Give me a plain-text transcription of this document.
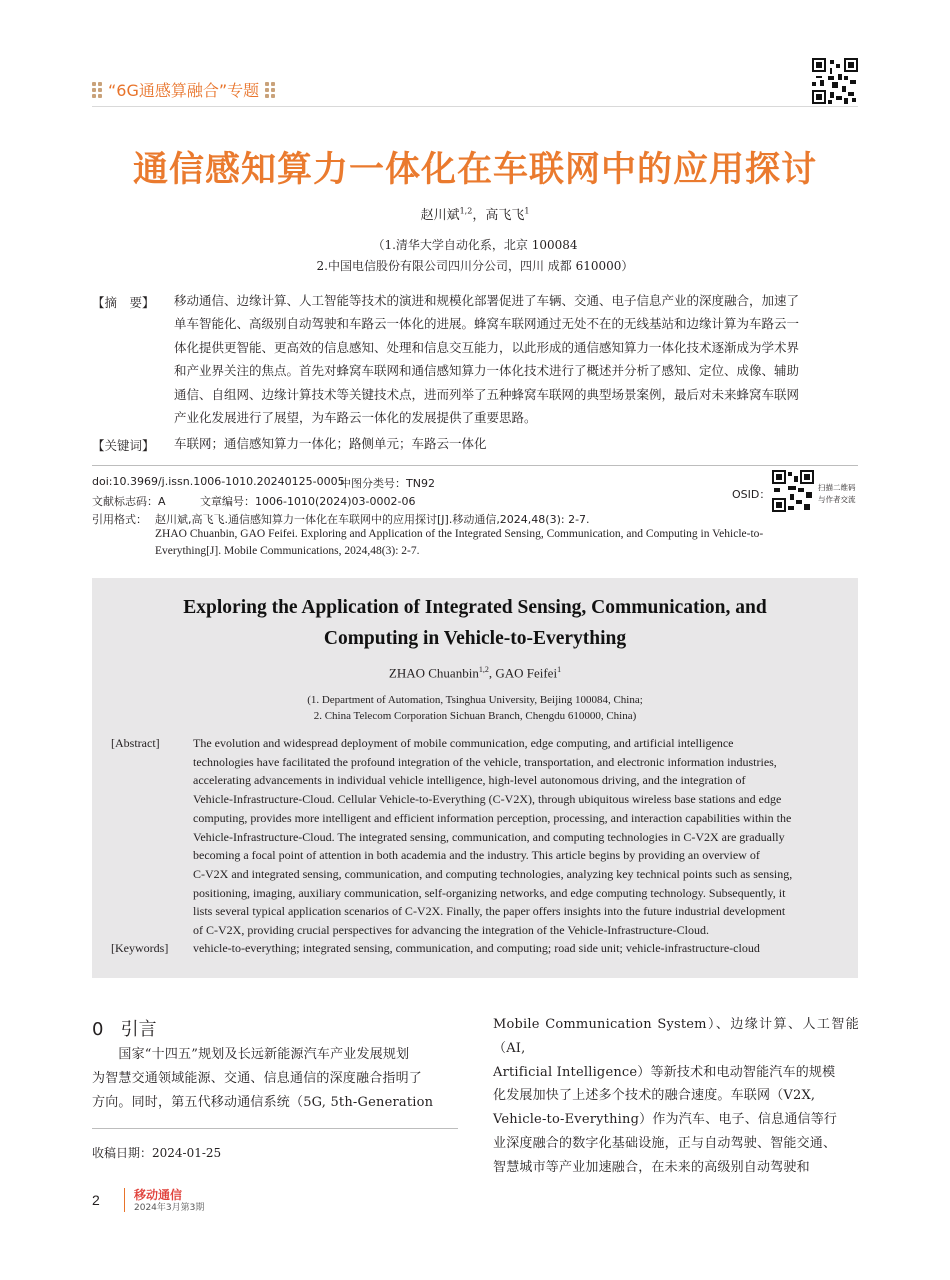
“6G通感算融合”专题
通信感知算力一体化在车联网中的应用探讨
赵川斌$^{1,2}$，高飞飞$^1$
（1.清华大学自动化系，北京 100084
2.中国电信股份有限公司四川分公司，四川 成都 610000）
【摘　要】 移动通信、边缘计算、人工智能等技术的演进和规模化部署促进了车辆、交通、电子信息产业的深度融合，加速了
单车智能化、高级别自动驾驶和车路云一体化的进展。蜂窝车联网通过无处不在的无线基站和边缘计算为车路云一
体化提供更智能、更高效的信息感知、处理和信息交互能力，以此形成的通信感知算力一体化技术逐渐成为学术界
和产业界关注的焦点。首先对蜂窝车联网和通信感知算力一体化技术进行了概述并分析了感知、定位、成像、辅助
通信、自组网、边缘计算技术等关键技术点，进而列举了五种蜂窝车联网的典型场景案例，最后对未来蜂窝车联网
产业化发展进行了展望，为车路云一体化的发展提供了重要思路。
【关键词】 车联网；通信感知算力一体化；路侧单元；车路云一体化
doi:10.3969/j.issn.1006-1010.20240125-0005
中图分类号：TN92
文献标志码：A	文章编号：1006-1010(2024)03-0002-06
OSID：
扫描二维码
与作者交流
引用格式： 赵川斌,高飞飞.通信感知算力一体化在车联网中的应用探讨[J].移动通信,2024,48(3): 2-7.
ZHAO Chuanbin, GAO Feifei. Exploring and Application of the Integrated Sensing, Communication, and Computing in Vehicle-to-
Everything[J]. Mobile Communications, 2024,48(3): 2-7.
Exploring the Application of Integrated Sensing, Communication, and
Computing in Vehicle-to-Everything
ZHAO Chuanbin$^{1,2}$, GAO Feifei$^1$
(1. Department of Automation, Tsinghua University, Beijing 100084, China;
2. China Telecom Corporation Sichuan Branch, Chengdu 610000, China)
[Abstract]	The evolution and widespread deployment of mobile communication, edge computing, and artificial intelligence
technologies have facilitated the profound integration of the vehicle, transportation, and electronic information industries,
accelerating advancements in individual vehicle intelligence, high-level autonomous driving, and the integration of
Vehicle-Infrastructure-Cloud. Cellular Vehicle-to-Everything (C-V2X), through ubiquitous wireless base stations and edge
computing, provides more intelligent and efficient information perception, processing, and interaction capabilities within the
Vehicle-Infrastructure-Cloud. The integrated sensing, communication, and computing technologies in C-V2X are gradually
becoming a focal point of attention in both academia and the industry. This article begins by providing an overview of
C-V2X and integrated sensing, communication, and computing technologies, analyzing key technical points such as sensing,
positioning, imaging, auxiliary communication, self-organizing networks, and edge computing technology. Subsequently, it
lists several typical application scenarios of C-V2X. Finally, the paper offers insights into the future industrial development
of C-V2X, providing crucial perspectives for advancing the integration of the Vehicle-Infrastructure-Cloud.
[Keywords] vehicle-to-everything; integrated sensing, communication, and computing; road side unit; vehicle-infrastructure-cloud
0 引言
　　国家“十四五”规划及长远新能源汽车产业发展规划
为智慧交通领域能源、交通、信息通信的深度融合指明了
方向。同时，第五代移动通信系统（5G, 5th-Generation
Mobile Communication System）、边缘计算、人工智能（AI,
Artificial Intelligence）等新技术和电动智能汽车的规模
化发展加快了上述多个技术的融合速度。车联网（V2X,
Vehicle-to-Everything）作为汽车、电子、信息通信等行
业深度融合的数字化基础设施，正与自动驾驶、智能交通、
智慧城市等产业加速融合，在未来的高级别自动驾驶和
收稿日期：2024-01-25
2	移动通信
2024年3月第3期
